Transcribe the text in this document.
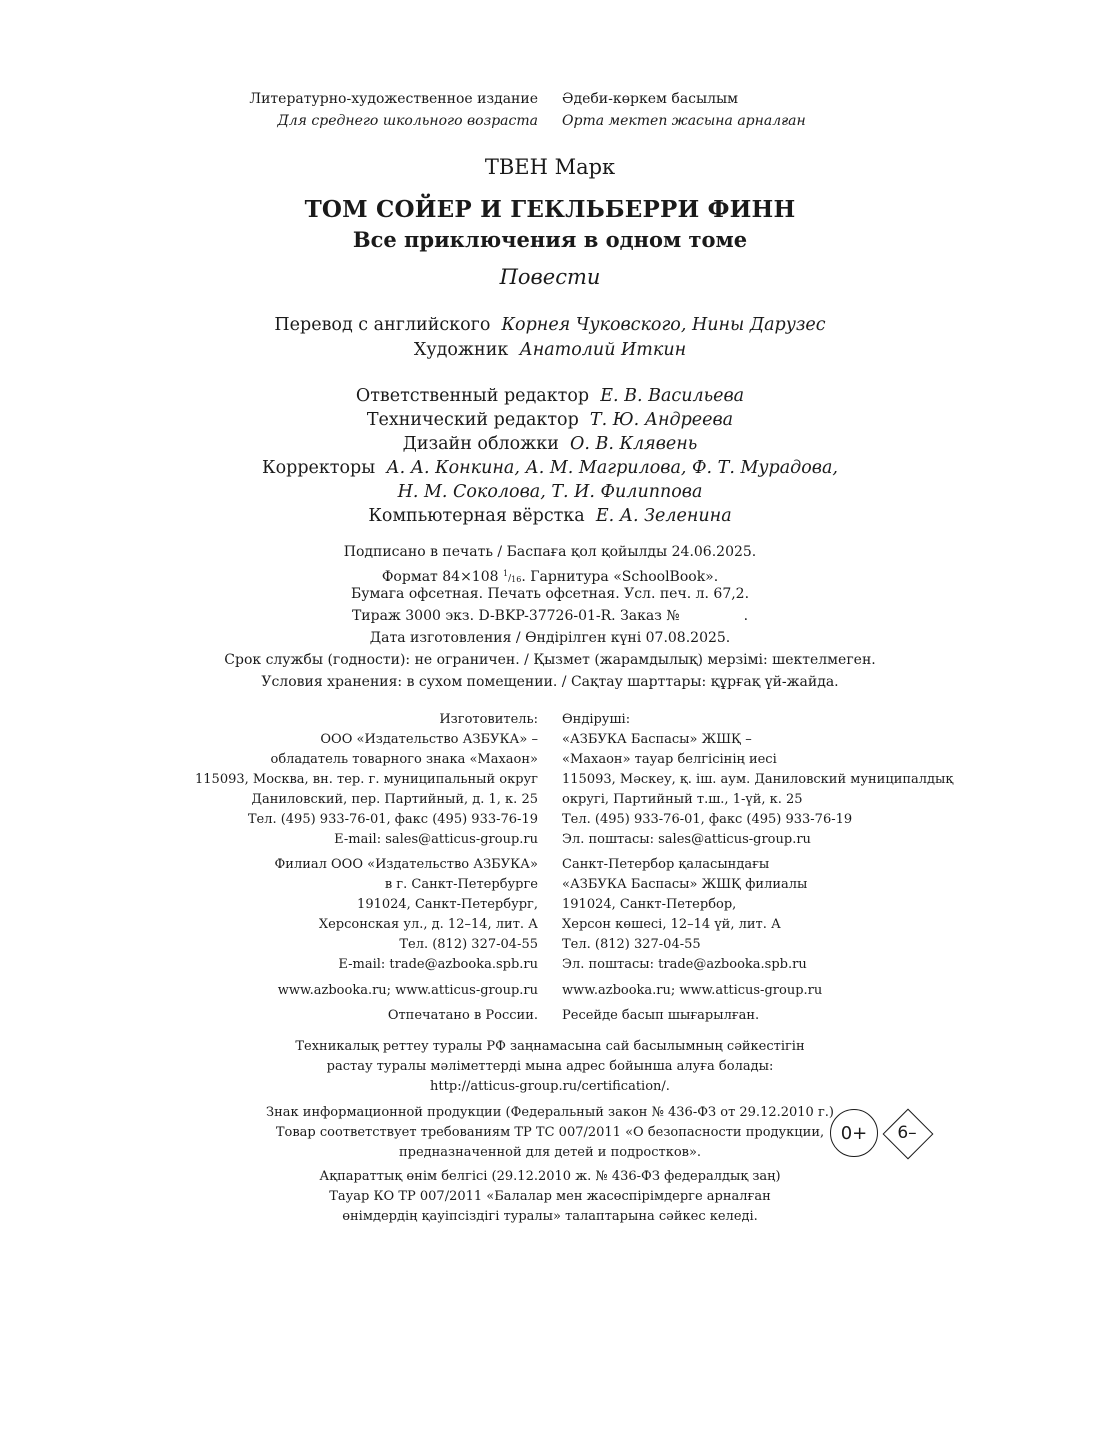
Литературно-художественное издание
Для среднего школьного возраста
Әдеби-көркем басылым
Орта мектеп жасына арналған
ТВЕН Марк
ТОМ СОЙЕР И ГЕКЛЬБЕРРИ ФИНН
Все приключения в одном томе
Повести
Перевод с английского Корнея Чуковского, Нины Дарузес
Художник Анатолий Иткин
Ответственный редактор Е. В. Васильева
Технический редактор Т. Ю. Андреева
Дизайн обложки О. В. Клявень
Корректоры А. А. Конкина, А. М. Магрилова, Ф. Т. Мурадова,
Н. М. Соколова, Т. И. Филиппова
Компьютерная вёрстка Е. А. Зеленина
Подписано в печать / Баспаға қол қойылды 24.06.2025.
Формат 84×108 $^1/_{16}$. Гарнитура «SchoolBook».
Бумага офсетная. Печать офсетная. Усл. печ. л. 67,2.
Тираж 3000 экз. D-BKP-37726-01-R. Заказ №	.
Дата изготовления / Өндірілген күні 07.08.2025.
Срок службы (годности): не ограничен. / Қызмет (жарамдылық) мерзімі: шектелмеген.
Условия хранения: в сухом помещении. / Сақтау шарттары: құрғақ үй-жайда.
Изготовитель:
ООО «Издательство АЗБУКА» –
обладатель товарного знака «Махаон»
115093, Москва, вн. тер. г. муниципальный округ
Даниловский, пер. Партийный, д. 1, к. 25
Тел. (495) 933-76-01, факс (495) 933-76-19
E-mail: sales@atticus-group.ru
Өндіруші:
«АЗБУКА Баспасы» ЖШҚ –
«Махаон» тауар белгісінің иесі
115093, Мәскеу, қ. іш. аум. Даниловский муниципалдық
округі, Партийный т.ш., 1-үй, к. 25
Тел. (495) 933-76-01, факс (495) 933-76-19
Эл. поштасы: sales@atticus-group.ru
Филиал ООО «Издательство АЗБУКА»
в г. Санкт-Петербурге
191024, Санкт-Петербург,
Херсонская ул., д. 12–14, лит. А
Тел. (812) 327-04-55
E-mail: trade@azbooka.spb.ru
Санкт-Петербор қаласындағы
«АЗБУКА Баспасы» ЖШҚ филиалы
191024, Санкт-Петербор,
Херсон көшесі, 12–14 үй, лит. А
Тел. (812) 327-04-55
Эл. поштасы: trade@azbooka.spb.ru
www.azbooka.ru; www.atticus-group.ru www.azbooka.ru; www.atticus-group.ru
Отпечатано в России. Ресейде басып шығарылған.
Техникалық реттеу туралы РФ заңнамасына сай басылымның сәйкестігін
растау туралы мәліметтерді мына адрес бойынша алуға болады:
http://atticus-group.ru/certification/.
Знак информационной продукции (Федеральный закон № 436-ФЗ от 29.12.2010 г.)
Товар соответствует требованиям ТР ТС 007/2011 «О безопасности продукции,
предназначенной для детей и подростков».
0+	6–
Ақпараттық өнім белгісі (29.12.2010 ж. № 436-ФЗ федералдық заң)
Тауар КО ТР 007/2011 «Балалар мен жасөспірімдерге арналған
өнімдердің қауіпсіздігі туралы» талаптарына сәйкес келеді.
